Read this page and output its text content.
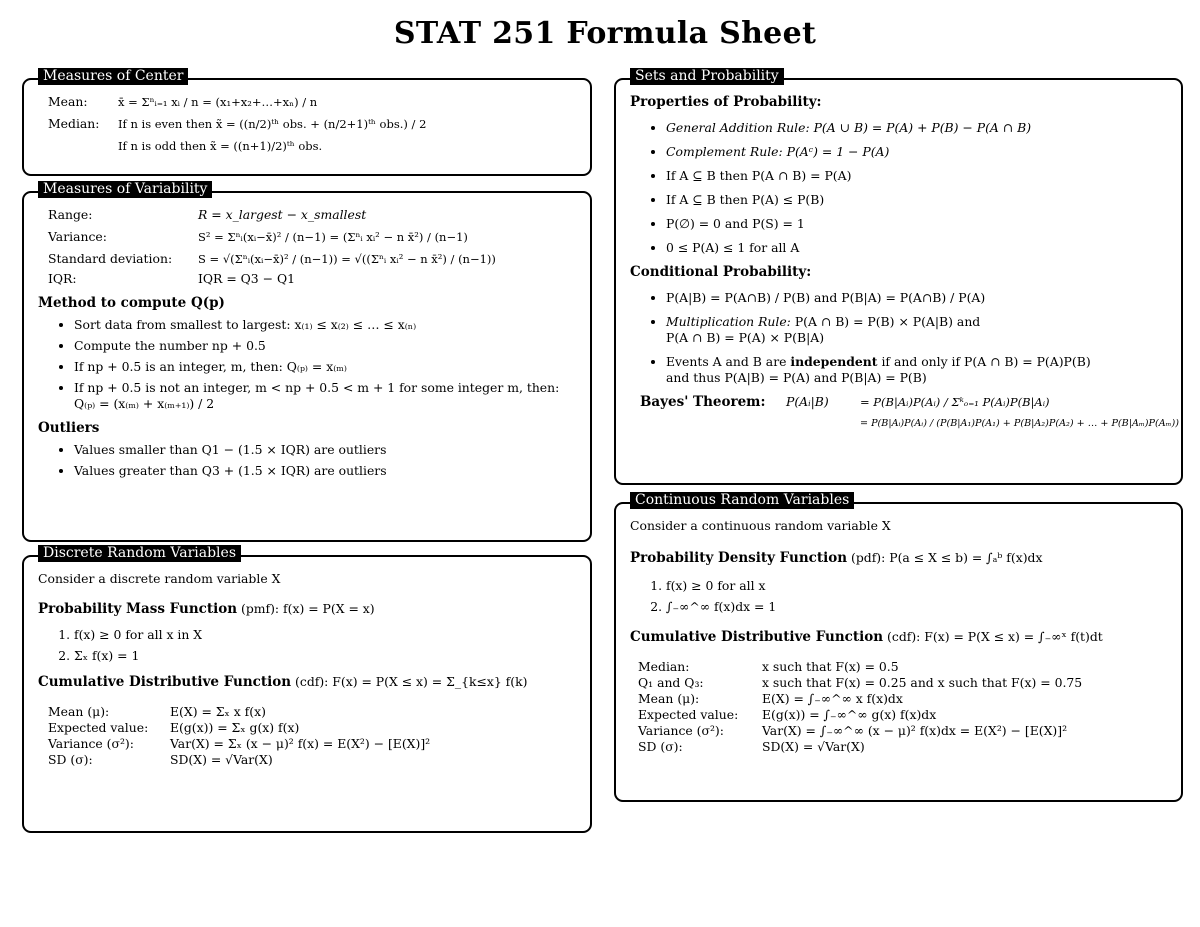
STAT 251 Formula Sheet
Measures of Center
Mean:	x̄ = Σⁿᵢ₌₁ xᵢ / n = (x₁+x₂+…+xₙ) / n
Median:	If n is even then x̃ = ((n/2)ᵗʰ obs. + (n/2+1)ᵗʰ obs.) / 2
If n is odd then x̃ = ((n+1)/2)ᵗʰ obs.
Measures of Variability
Range:	R = x_largest − x_smallest
Variance:	S² = Σⁿᵢ(xᵢ−x̄)² / (n−1) = (Σⁿᵢ xᵢ² − n x̄²) / (n−1)
Standard deviation:	S = √(Σⁿᵢ(xᵢ−x̄)² / (n−1)) = √((Σⁿᵢ xᵢ² − n x̄²) / (n−1))
IQR:	IQR = Q3 − Q1
Method to compute Q(p)
• Sort data from smallest to largest: x₍₁₎ ≤ x₍₂₎ ≤ … ≤ x₍ₙ₎
• Compute the number np + 0.5
• If np + 0.5 is an integer, m, then: Q₍ₚ₎ = x₍ₘ₎
• If np + 0.5 is not an integer, m < np + 0.5 < m + 1 for some integer m, then: Q₍ₚ₎ = (x₍ₘ₎ + x₍ₘ₊₁₎) / 2
Outliers
• Values smaller than Q1 − (1.5 × IQR) are outliers
• Values greater than Q3 + (1.5 × IQR) are outliers
Discrete Random Variables
Consider a discrete random variable X
Probability Mass Function (pmf): f(x) = P(X = x)
1. f(x) ≥ 0 for all x in X
2. Σₓ f(x) = 1
Cumulative Distributive Function (cdf): F(x) = P(X ≤ x) = Σ_{k≤x} f(k)
Mean (μ):	E(X) = Σₓ x f(x)
Expected value:	E(g(x)) = Σₓ g(x) f(x)
Variance (σ²):	Var(X) = Σₓ (x − μ)² f(x) = E(X²) − [E(X)]²
SD (σ):	SD(X) = √Var(X)
Sets and Probability
Properties of Probability:
• General Addition Rule: P(A ∪ B) = P(A) + P(B) − P(A ∩ B)
• Complement Rule: P(Aᶜ) = 1 − P(A)
• If A ⊆ B then P(A ∩ B) = P(A)
• If A ⊆ B then P(A) ≤ P(B)
• P(∅) = 0 and P(S) = 1
• 0 ≤ P(A) ≤ 1 for all A
Conditional Probability:
• P(A|B) = P(A∩B) / P(B) and P(B|A) = P(A∩B) / P(A)
• Multiplication Rule: P(A ∩ B) = P(B) × P(A|B) and
P(A ∩ B) = P(A) × P(B|A)
• Events A and B are independent if and only if P(A ∩ B) = P(A)P(B)
and thus P(A|B) = P(A) and P(B|A) = P(B)
Bayes' Theorem:	P(Aᵢ|B)	= P(B|Aᵢ)P(Aᵢ) / Σᵏₒ₌₁ P(Aᵢ)P(B|Aᵢ)
= P(B|Aᵢ)P(Aᵢ) / (P(B|A₁)P(A₁) + P(B|A₂)P(A₂) + … + P(B|Aₘ)P(Aₘ))
Continuous Random Variables
Consider a continuous random variable X
Probability Density Function (pdf): P(a ≤ X ≤ b) = ∫ₐᵇ f(x)dx
1. f(x) ≥ 0 for all x
2. ∫₋∞^∞ f(x)dx = 1
Cumulative Distributive Function (cdf): F(x) = P(X ≤ x) = ∫₋∞ˣ f(t)dt
Median:	x such that F(x) = 0.5
Q₁ and Q₃:	x such that F(x) = 0.25 and x such that F(x) = 0.75
Mean (μ):	E(X) = ∫₋∞^∞ x f(x)dx
Expected value:	E(g(x)) = ∫₋∞^∞ g(x) f(x)dx
Variance (σ²):	Var(X) = ∫₋∞^∞ (x − μ)² f(x)dx = E(X²) − [E(X)]²
SD (σ):	SD(X) = √Var(X)
